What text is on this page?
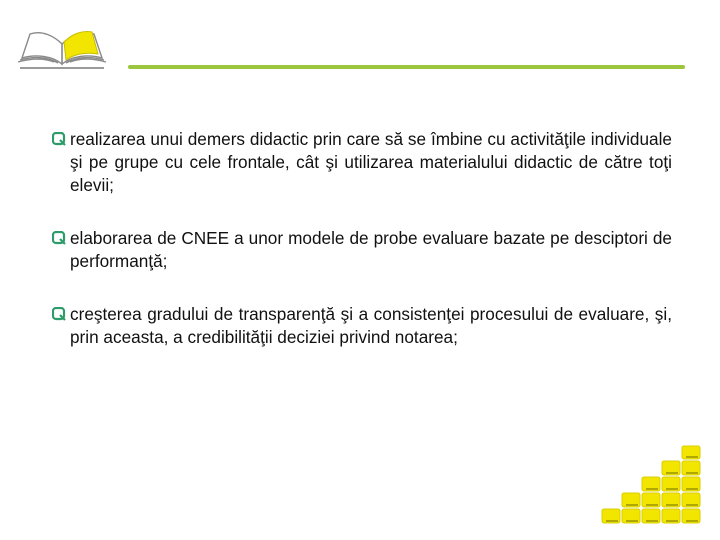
realizarea unui demers didactic prin care să se îmbine cu activităţile individuale şi pe grupe cu cele frontale, cât şi utilizarea materialului didactic de către toţi elevii;
elaborarea de CNEE a unor modele de probe evaluare bazate pe desciptori de performanţă;
creşterea gradului de transparenţă şi a consistenţei procesului de evaluare, şi, prin aceasta, a credibilităţii deciziei privind notarea;
